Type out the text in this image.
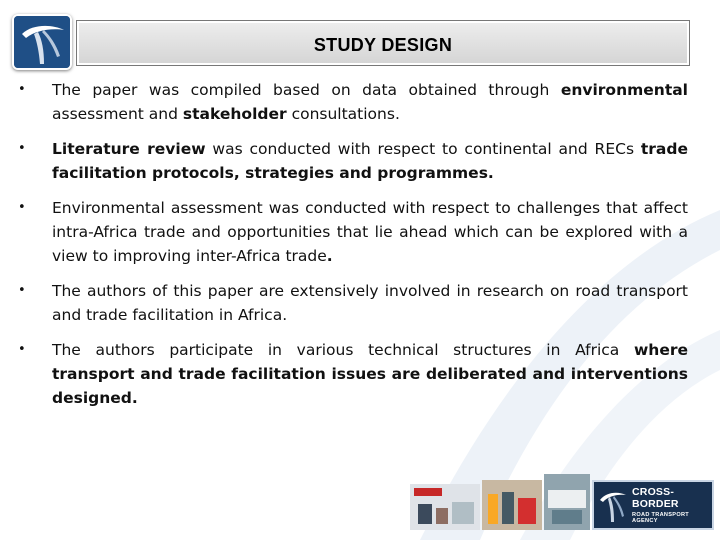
STUDY DESIGN
• The paper was compiled based on data obtained through environmental assessment and stakeholder consultations.
• Literature review was conducted with respect to continental and RECs trade facilitation protocols, strategies and programmes.
• Environmental assessment was conducted with respect to challenges that affect intra-Africa trade and opportunities that lie ahead which can be explored with a view to improving inter-Africa trade.
• The authors of this paper are extensively involved in research on road transport and trade facilitation in Africa.
• The authors participate in various technical structures in Africa where transport and trade facilitation issues are deliberated and interventions designed.
CROSS-BORDER
ROAD TRANSPORT AGENCY
